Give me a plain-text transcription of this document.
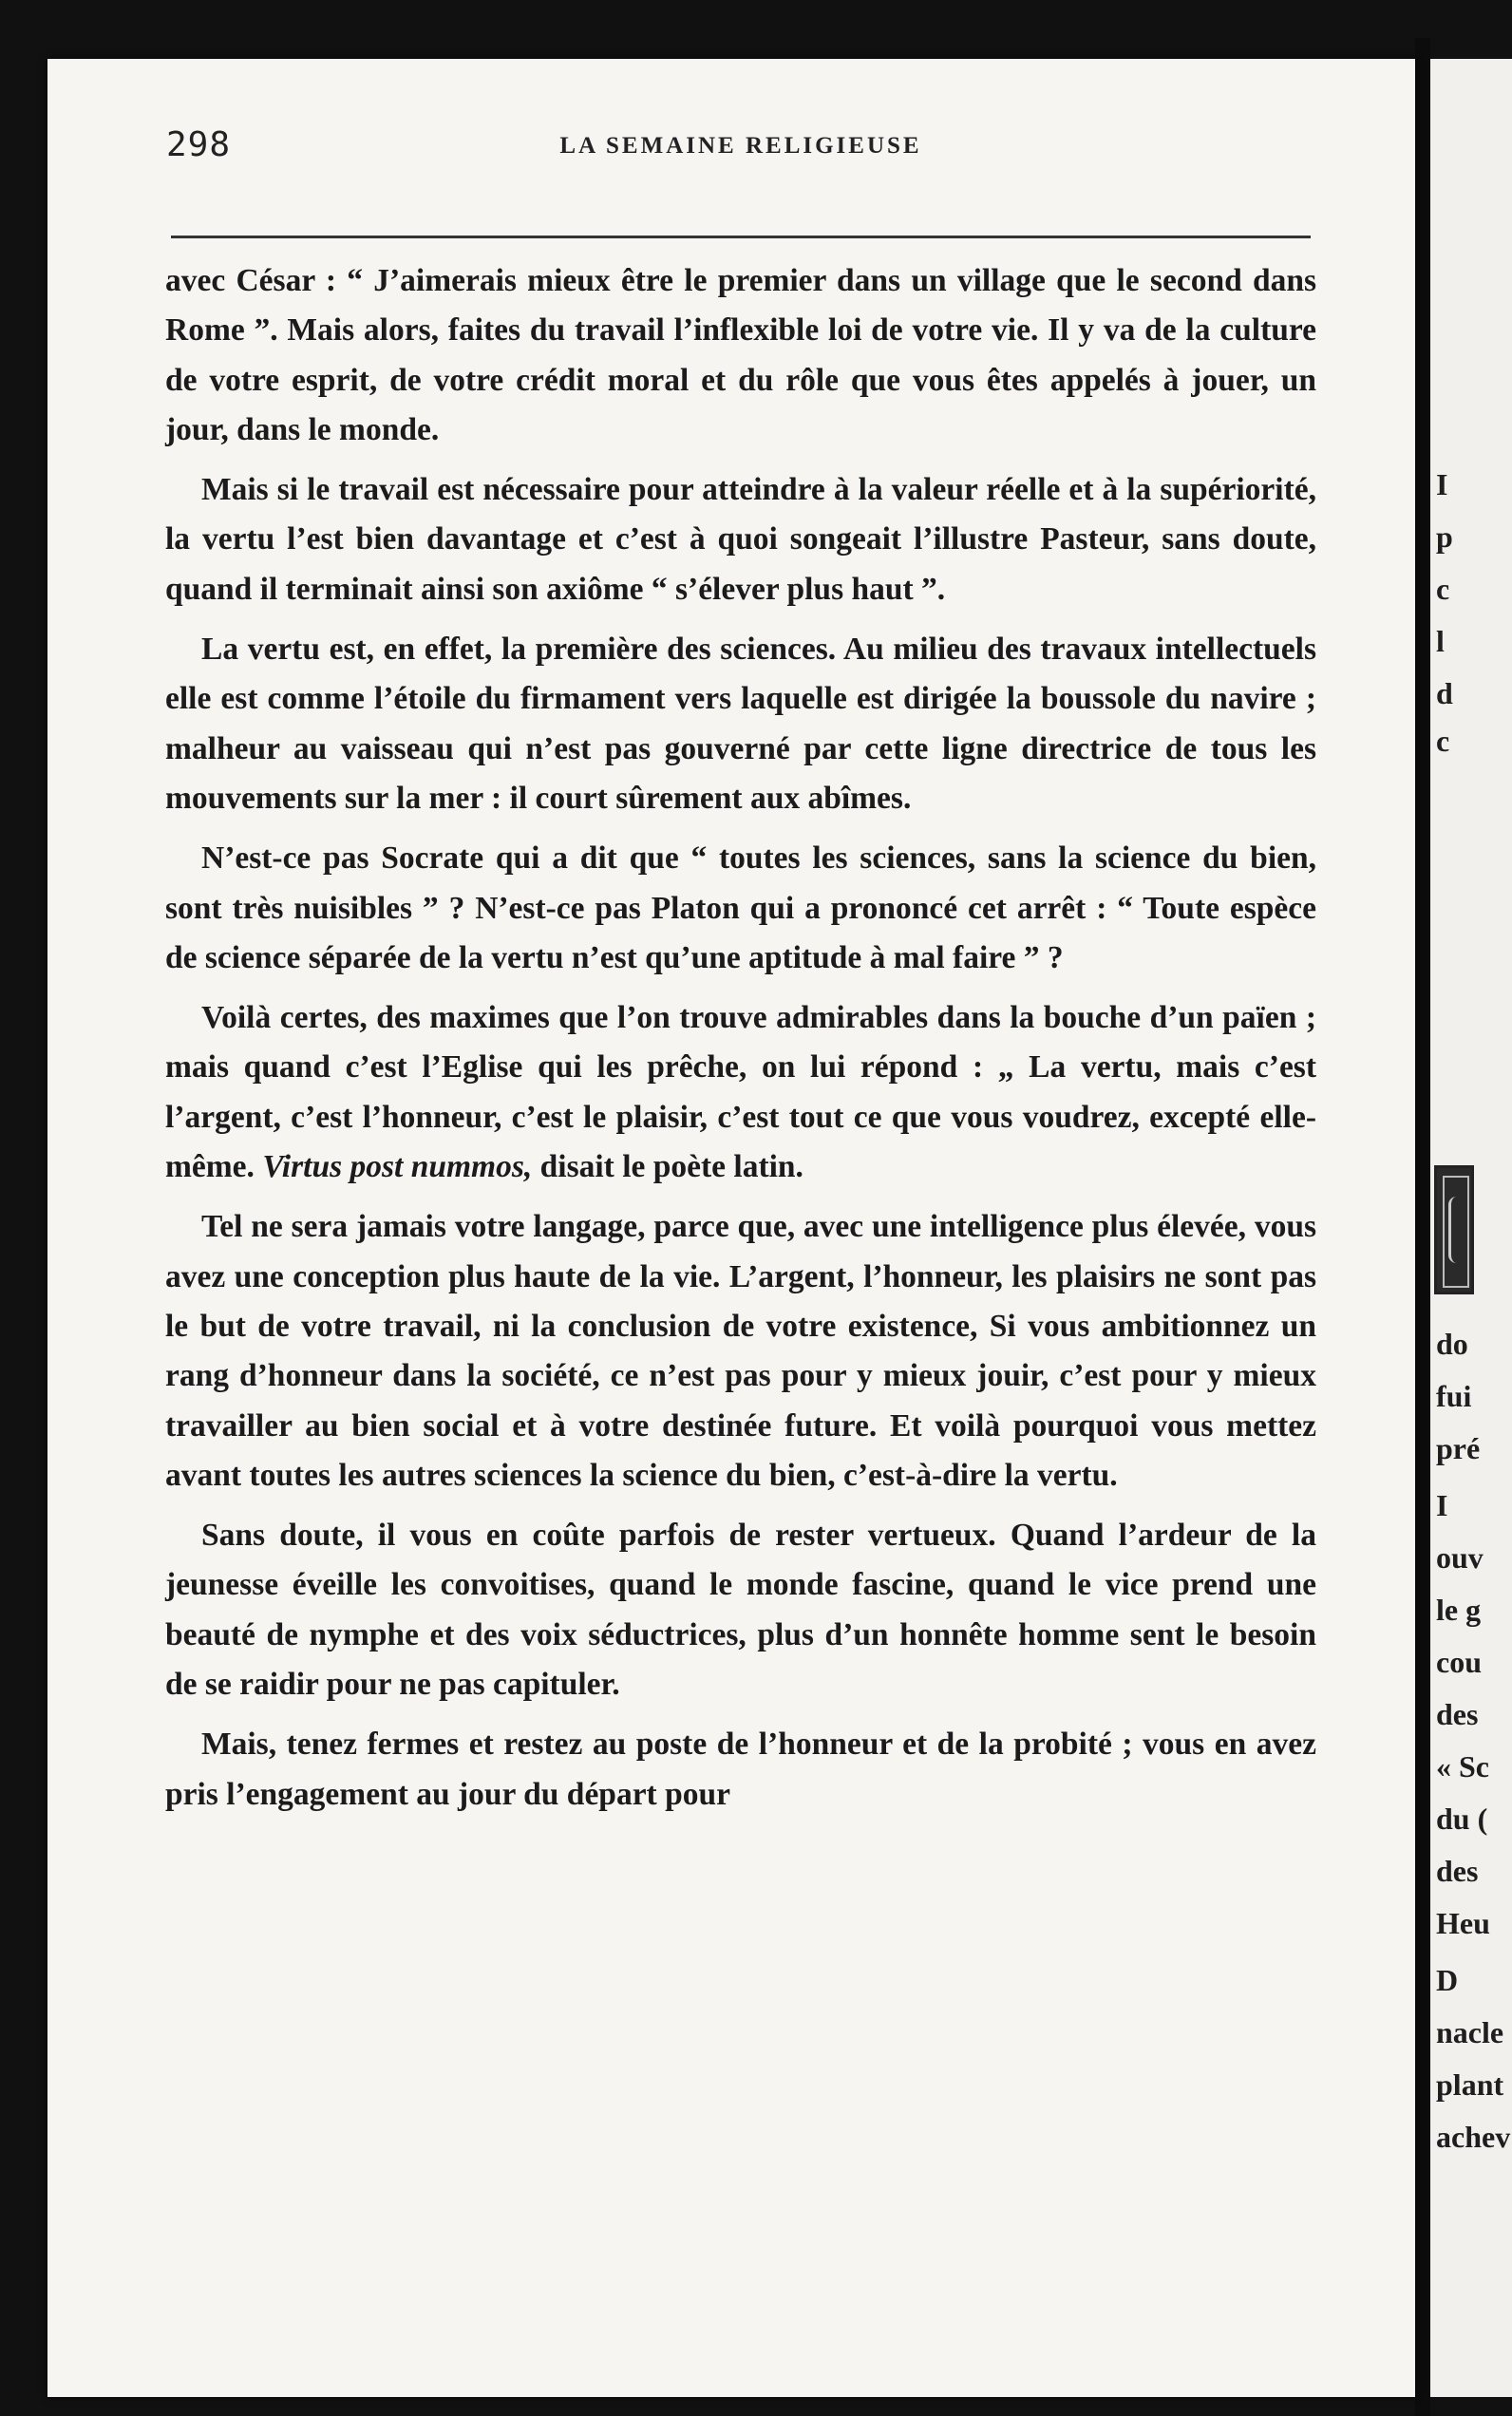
298	LA SEMAINE RELIGIEUSE

avec César : “ J’aimerais mieux être le premier dans un village que le second dans Rome ”. Mais alors, faites du travail l’inflexible loi de votre vie. Il y va de la culture de votre esprit, de votre crédit moral et du rôle que vous êtes appelés à jouer, un jour, dans le monde.

Mais si le travail est nécessaire pour atteindre à la valeur réelle et à la supériorité, la vertu l’est bien davantage et c’est à quoi songeait l’illustre Pasteur, sans doute, quand il terminait ainsi son axiôme “ s’élever plus haut ”.

La vertu est, en effet, la première des sciences. Au milieu des travaux intellectuels elle est comme l’étoile du firmament vers laquelle est dirigée la boussole du navire ; malheur au vaisseau qui n’est pas gouverné par cette ligne directrice de tous les mouvements sur la mer : il court sûrement aux abîmes.

N’est-ce pas Socrate qui a dit que “ toutes les sciences, sans la science du bien, sont très nuisibles ” ? N’est-ce pas Platon qui a prononcé cet arrêt : “ Toute espèce de science séparée de la vertu n’est qu’une aptitude à mal faire ” ?

Voilà certes, des maximes que l’on trouve admirables dans la bouche d’un païen ; mais quand c’est l’Eglise qui les prêche, on lui répond : „ La vertu, mais c’est l’argent, c’est l’honneur, c’est le plaisir, c’est tout ce que vous voudrez, excepté elle-même. Virtus post nummos, disait le poète latin.

Tel ne sera jamais votre langage, parce que, avec une intelligence plus élevée, vous avez une conception plus haute de la vie. L’argent, l’honneur, les plaisirs ne sont pas le but de votre travail, ni la conclusion de votre existence, Si vous ambitionnez un rang d’honneur dans la société, ce n’est pas pour y mieux jouir, c’est pour y mieux travailler au bien social et à votre destinée future. Et voilà pourquoi vous mettez avant toutes les autres sciences la science du bien, c’est-à-dire la vertu.

Sans doute, il vous en coûte parfois de rester vertueux. Quand l’ardeur de la jeunesse éveille les convoitises, quand le monde fascine, quand le vice prend une beauté de nymphe et des voix séductrices, plus d’un honnête homme sent le besoin de se raidir pour ne pas capituler.

Mais, tenez fermes et restez au poste de l’honneur et de la probité ; vous en avez pris l’engagement au jour du départ pour

I
p
c
l
d
c
do
fui
pré
I
ouv
le g
cou
des
« Sc
du (
des
Heu
D
nacle
plant
achev
